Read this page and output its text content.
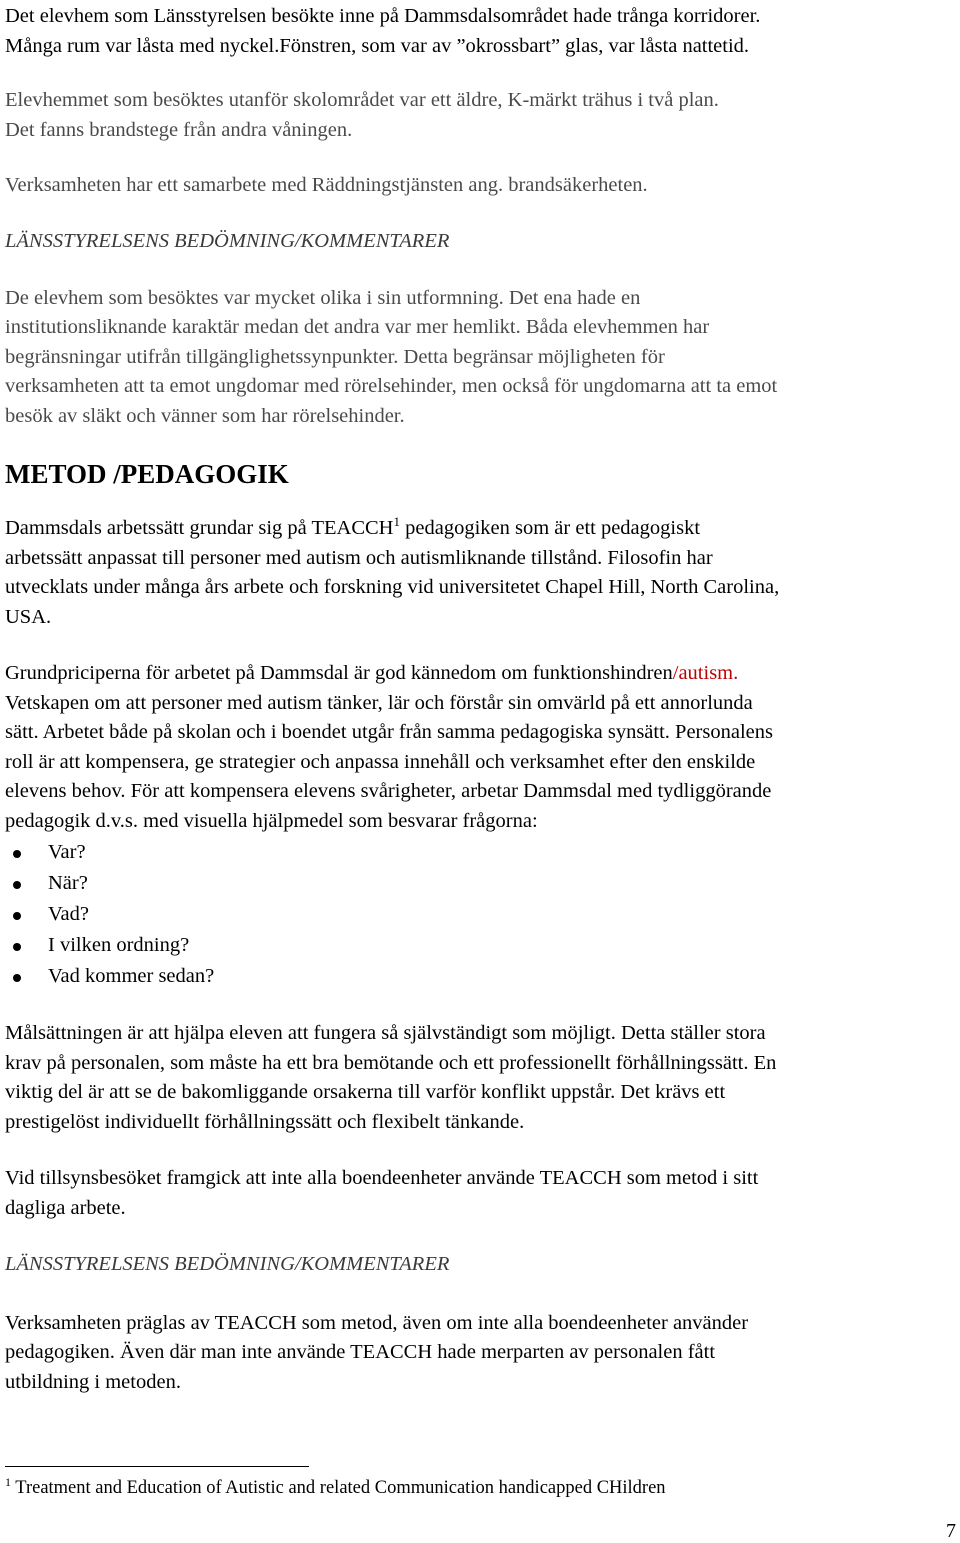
Det elevhem som Länsstyrelsen besökte inne på Dammsdalsområdet hade trånga korridorer.
Många rum var låsta med nyckel.Fönstren, som var av ”okrossbart” glas, var låsta nattetid.

Elevhemmet som besöktes utanför skolområdet var ett äldre, K-märkt trähus i två plan.
Det fanns brandstege från andra våningen.

Verksamheten har ett samarbete med Räddningstjänsten ang. brandsäkerheten.

LÄNSSTYRELSENS BEDÖMNING/KOMMENTARER

De elevhem som besöktes var mycket olika i sin utformning. Det ena hade en
institutionsliknande karaktär medan det andra var mer hemlikt. Båda elevhemmen har
begränsningar utifrån tillgänglighetssynpunkter. Detta begränsar möjligheten för
verksamheten att ta emot ungdomar med rörelsehinder, men också för ungdomarna att ta emot
besök av släkt och vänner som har rörelsehinder.

METOD /PEDAGOGIK

Dammsdals arbetssätt grundar sig på TEACCH$^1$ pedagogiken som är ett pedagogiskt
arbetssätt anpassat till personer med autism och autismliknande tillstånd. Filosofin har
utvecklats under många års arbete och forskning vid universitetet Chapel Hill, North Carolina,
USA.

Grundpriciperna för arbetet på Dammsdal är god kännedom om funktionshindren/autism.
Vetskapen om att personer med autism tänker, lär och förstår sin omvärld på ett annorlunda
sätt. Arbetet både på skolan och i boendet utgår från samma pedagogiska synsätt. Personalens
roll är att kompensera, ge strategier och anpassa innehåll och verksamhet efter den enskilde
elevens behov. För att kompensera elevens svårigheter, arbetar Dammsdal med tydliggörande
pedagogik d.v.s. med visuella hjälpmedel som besvarar frågorna:

Var?
När?
Vad?
I vilken ordning?
Vad kommer sedan?

Målsättningen är att hjälpa eleven att fungera så självständigt som möjligt. Detta ställer stora
krav på personalen, som måste ha ett bra bemötande och ett professionellt förhållningssätt. En
viktig del är att se de bakomliggande orsakerna till varför konflikt uppstår. Det krävs ett
prestigelöst individuellt förhållningssätt och flexibelt tänkande.

Vid tillsynsbesöket framgick att inte alla boendeenheter använde TEACCH som metod i sitt
dagliga arbete.

LÄNSSTYRELSENS BEDÖMNING/KOMMENTARER

Verksamheten präglas av TEACCH som metod, även om inte alla boendeenheter använder
pedagogiken. Även där man inte använde TEACCH hade merparten av personalen fått
utbildning i metoden.

$^1$ Treatment and Education of Autistic and related Communication handicapped CHildren

7
